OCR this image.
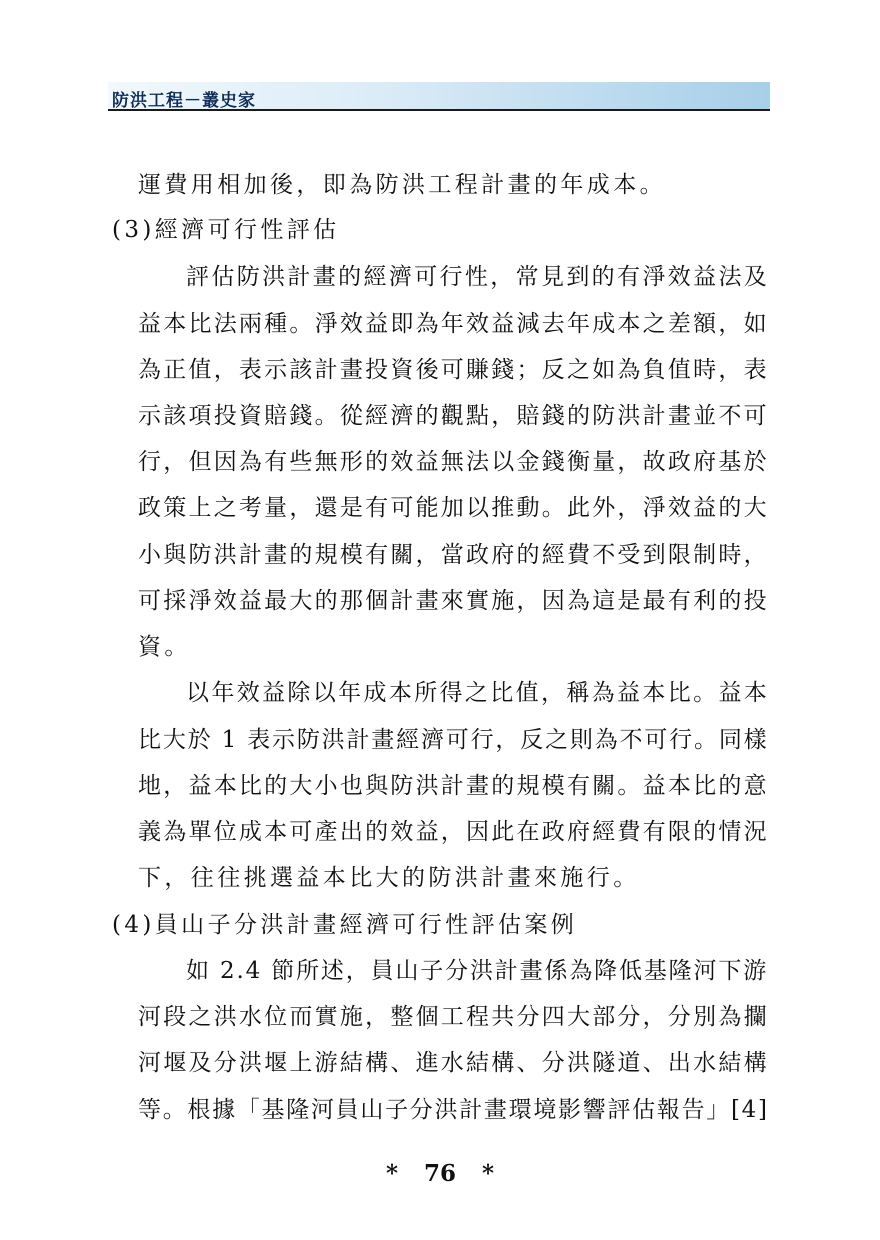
防洪工程－叢史家
運費用相加後，即為防洪工程計畫的年成本。
(3)經濟可行性評估
評估防洪計畫的經濟可行性，常見到的有淨效益法及
益本比法兩種。淨效益即為年效益減去年成本之差額，如
為正值，表示該計畫投資後可賺錢；反之如為負值時，表
示該項投資賠錢。從經濟的觀點，賠錢的防洪計畫並不可
行，但因為有些無形的效益無法以金錢衡量，故政府基於
政策上之考量，還是有可能加以推動。此外，淨效益的大
小與防洪計畫的規模有關，當政府的經費不受到限制時，
可採淨效益最大的那個計畫來實施，因為這是最有利的投
資。
以年效益除以年成本所得之比值，稱為益本比。益本
比大於 1 表示防洪計畫經濟可行，反之則為不可行。同樣
地，益本比的大小也與防洪計畫的規模有關。益本比的意
義為單位成本可產出的效益，因此在政府經費有限的情況
下，往往挑選益本比大的防洪計畫來施行。
(4)員山子分洪計畫經濟可行性評估案例
如 2.4 節所述，員山子分洪計畫係為降低基隆河下游
河段之洪水位而實施，整個工程共分四大部分，分別為攔
河堰及分洪堰上游結構、進水結構、分洪隧道、出水結構
等。根據「基隆河員山子分洪計畫環境影響評估報告」[4]
* 76 *
